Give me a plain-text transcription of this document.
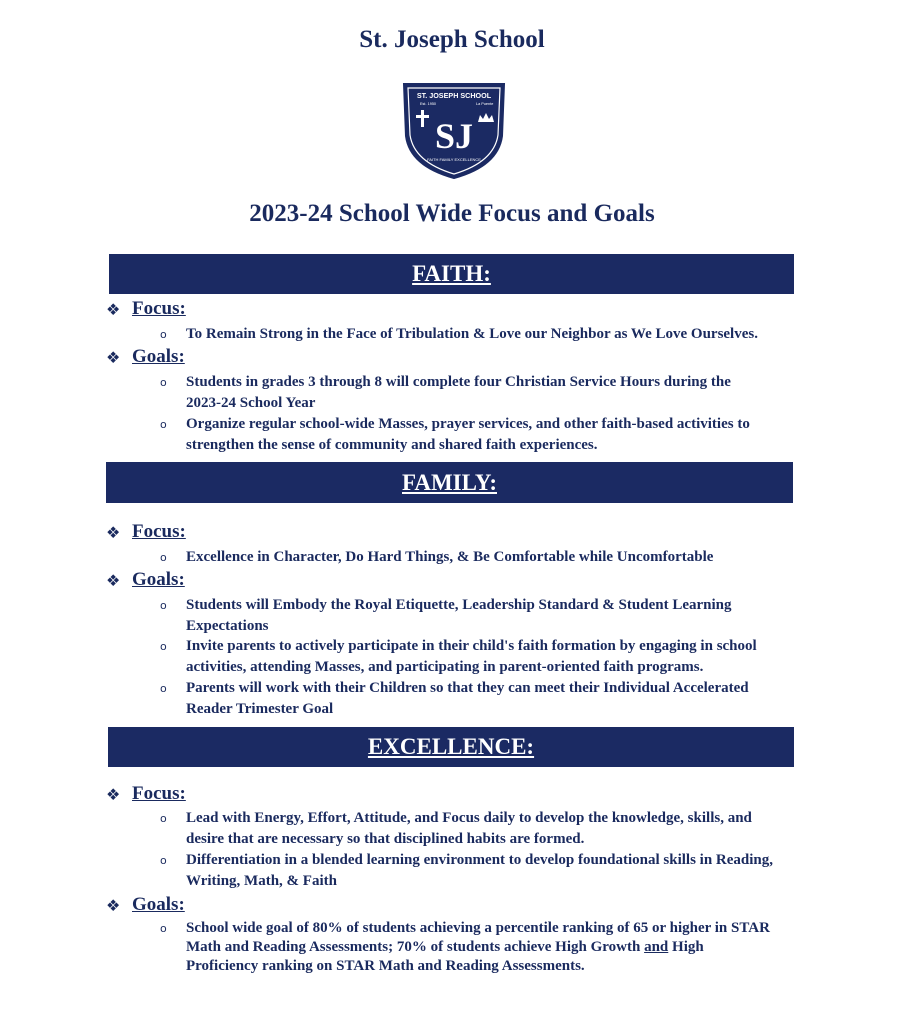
St. Joseph School
ST. JOSEPH SCHOOL
Est. 1950	La Puente
SJ
FAITH FAMILY EXCELLENCE
2023-24 School Wide Focus and Goals
FAITH:
❖ Focus:
o To Remain Strong in the Face of Tribulation & Love our Neighbor as We Love Ourselves.
❖ Goals:
o Students in grades 3 through 8 will complete four Christian Service Hours during the
2023-24 School Year
o Organize regular school-wide Masses, prayer services, and other faith-based activities to
strengthen the sense of community and shared faith experiences.
FAMILY:
❖ Focus:
o Excellence in Character, Do Hard Things, & Be Comfortable while Uncomfortable
❖ Goals:
o Students will Embody the Royal Etiquette, Leadership Standard & Student Learning
Expectations
o Invite parents to actively participate in their child's faith formation by engaging in school
activities, attending Masses, and participating in parent-oriented faith programs.
o Parents will work with their Children so that they can meet their Individual Accelerated
Reader Trimester Goal
EXCELLENCE:
❖ Focus:
o Lead with Energy, Effort, Attitude, and Focus daily to develop the knowledge, skills, and
desire that are necessary so that disciplined habits are formed.
o Differentiation in a blended learning environment to develop foundational skills in Reading,
Writing, Math, & Faith
❖ Goals:
o School wide goal of 80% of students achieving a percentile ranking of 65 or higher in STAR
Math and Reading Assessments; 70% of students achieve High Growth and High
Proficiency ranking on STAR Math and Reading Assessments.
